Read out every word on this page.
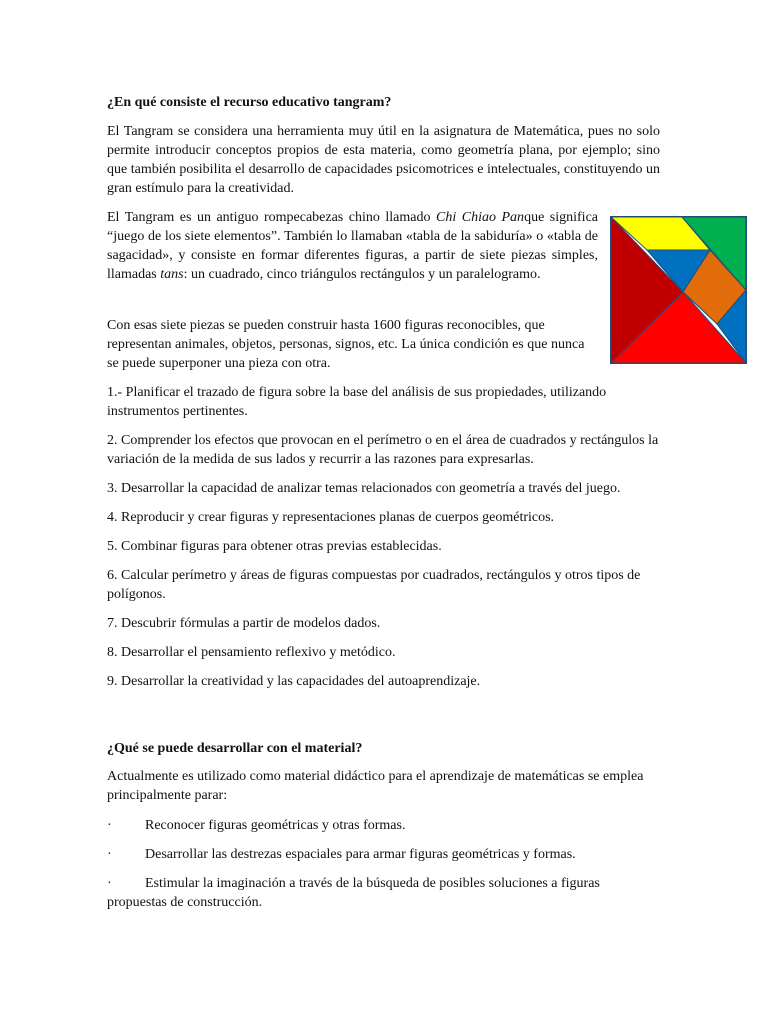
¿En qué consiste el recurso educativo tangram?

El Tangram se considera una herramienta muy útil en la asignatura de Matemática, pues no solo permite introducir conceptos propios de esta materia, como geometría plana, por ejemplo; sino que también posibilita el desarrollo de capacidades psicomotrices e intelectuales, constituyendo un gran estímulo para la creatividad.

El Tangram es un antiguo rompecabezas chino llamado Chi Chiao Panque significa “juego de los siete elementos”. También lo llamaban «tabla de la sabiduría» o «tabla de sagacidad», y consiste en formar diferentes figuras, a partir de siete piezas simples, llamadas tans: un cuadrado, cinco triángulos rectángulos y un paralelogramo.

Con esas siete piezas se pueden construir hasta 1600 figuras reconocibles, que representan animales, objetos, personas, signos, etc. La única condición es que nunca se puede superponer una pieza con otra.

1.- Planificar el trazado de figura sobre la base del análisis de sus propiedades, utilizando instrumentos pertinentes.

2. Comprender los efectos que provocan en el perímetro o en el área de cuadrados y rectángulos la variación de la medida de sus lados y recurrir a las razones para expresarlas.

3. Desarrollar la capacidad de analizar temas relacionados con geometría a través del juego.

4. Reproducir y crear figuras y representaciones planas de cuerpos geométricos.

5. Combinar figuras para obtener otras previas establecidas.

6. Calcular perímetro y áreas de figuras compuestas por cuadrados, rectángulos y otros tipos de polígonos.

7. Descubrir fórmulas a partir de modelos dados.

8. Desarrollar el pensamiento reflexivo y metódico.

9. Desarrollar la creatividad y las capacidades del autoaprendizaje.

¿Qué se puede desarrollar con el material?

Actualmente es utilizado como material didáctico para el aprendizaje de matemáticas se emplea principalmente parar:

· Reconocer figuras geométricas y otras formas.

· Desarrollar las destrezas espaciales para armar figuras geométricas y formas.

· Estimular la imaginación a través de la búsqueda de posibles soluciones a figuras propuestas de construcción.
